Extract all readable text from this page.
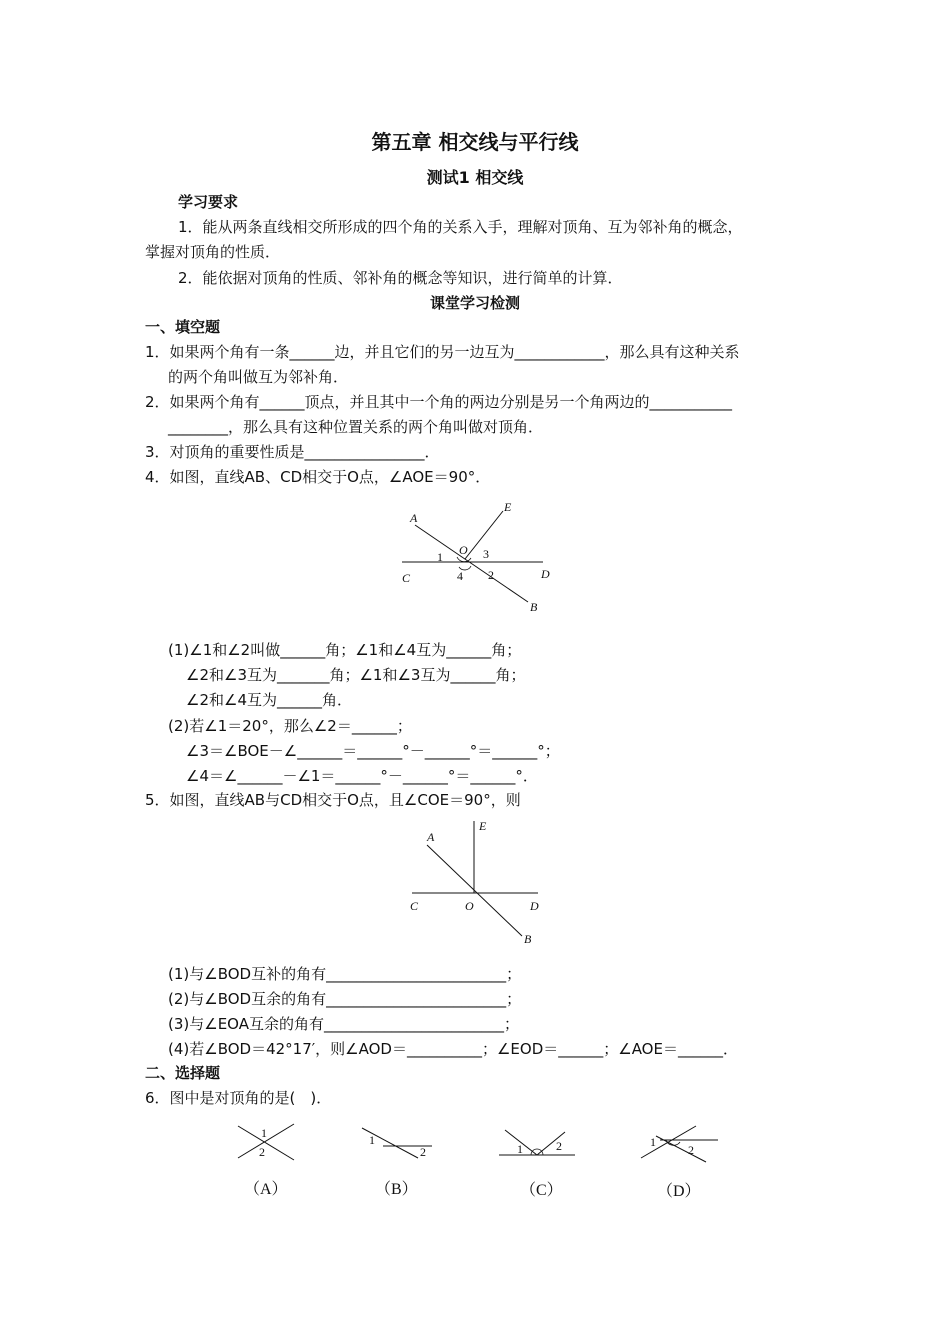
第五章 相交线与平行线
测试1 相交线
学习要求
1．能从两条直线相交所形成的四个角的关系入手，理解对顶角、互为邻补角的概念，
掌握对顶角的性质．
2．能依据对顶角的性质、邻补角的概念等知识，进行简单的计算．
课堂学习检测
一、填空题
1．如果两个角有一条______边，并且它们的另一边互为____________，那么具有这种关系
的两个角叫做互为邻补角．
2．如果两个角有______顶点，并且其中一个角的两边分别是另一个角两边的___________
________，那么具有这种位置关系的两个角叫做对顶角．
3．对顶角的重要性质是________________．
4．如图，直线AB、CD相交于O点，∠AOE＝90°．
A
E
O
C	D
B
1
2
3
4
(1)∠1和∠2叫做______角；∠1和∠4互为______角；
∠2和∠3互为_______角；∠1和∠3互为______角；
∠2和∠4互为______角．
(2)若∠1＝20°，那么∠2＝______；
∠3＝∠BOE－∠______＝______°－______°＝______°；
∠4＝∠______－∠1＝______°－______°＝______°．
5．如图，直线AB与CD相交于O点，且∠COE＝90°，则
A
E
C	O	D
B
(1)与∠BOD互补的角有________________________；
(2)与∠BOD互余的角有________________________；
(3)与∠EOA互余的角有________________________；
(4)若∠BOD＝42°17′，则∠AOD＝__________；∠EOD＝______；∠AOE＝______．
二、选择题
6．图中是对顶角的是(　)．
1
2
（A）
1
2
（B）
1	2
（C）
1
2
（D）
